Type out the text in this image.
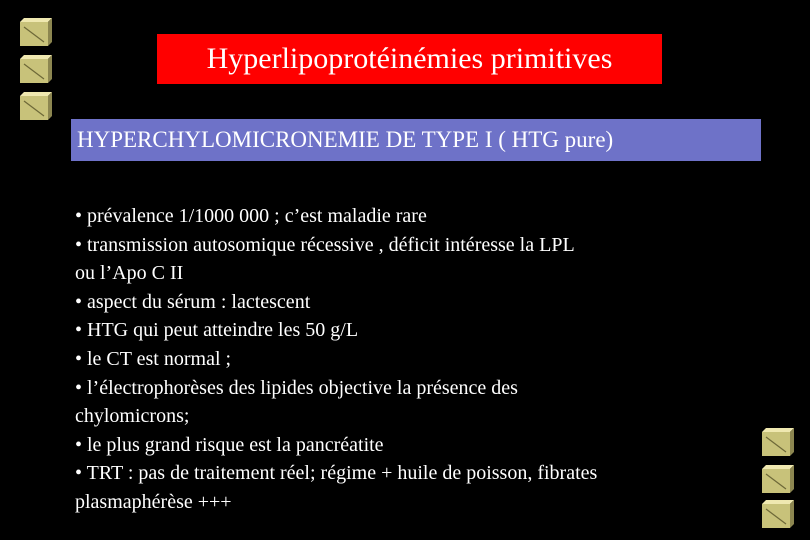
Hyperlipoprotéinémies primitives
HYPERCHYLOMICRONEMIE DE TYPE I ( HTG pure)
• prévalence 1/1000 000 ; c’est maladie rare
• transmission autosomique récessive , déficit intéresse la LPL
ou l’Apo C II
• aspect du sérum : lactescent
• HTG qui peut atteindre les 50 g/L
• le CT est normal ;
• l’électrophorèses des lipides objective la présence des
chylomicrons;
• le plus grand risque est la pancréatite
• TRT : pas de traitement réel; régime + huile de poisson, fibrates
plasmaphérèse +++
